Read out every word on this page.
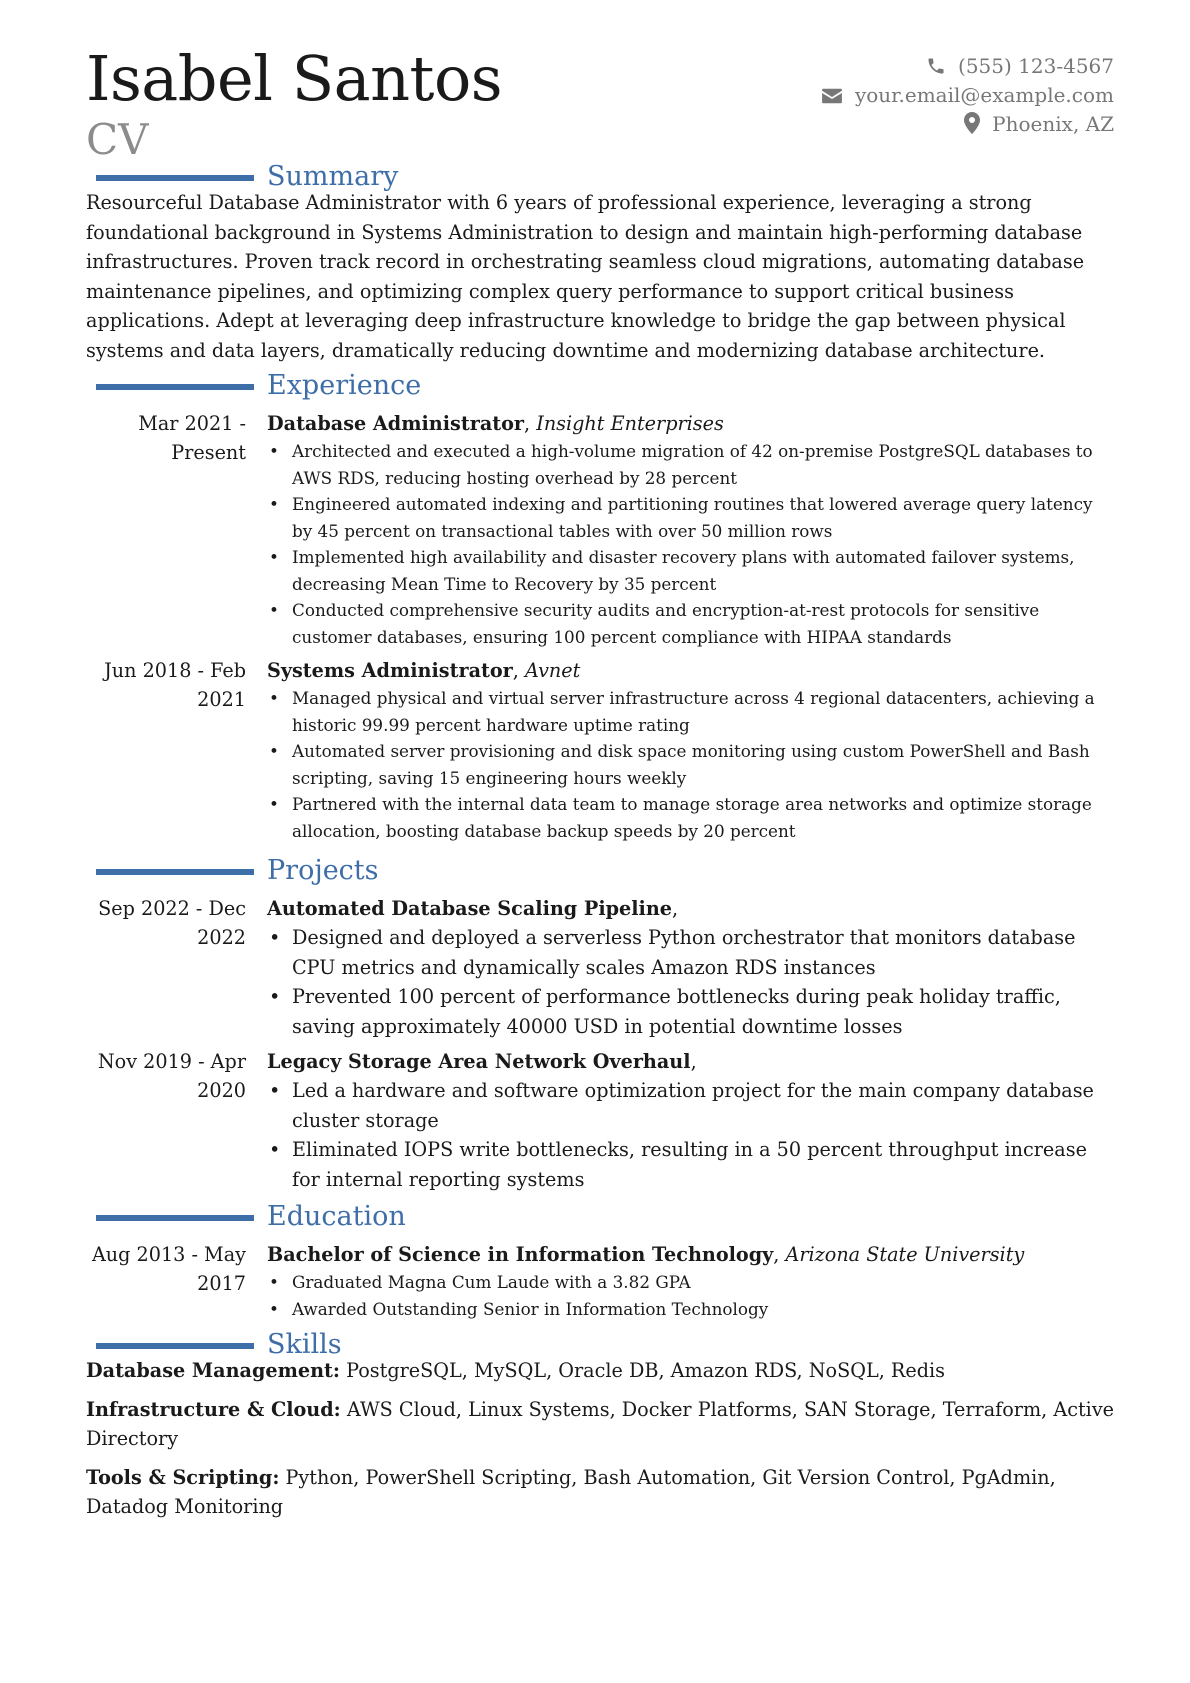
Isabel Santos
CV
(555) 123-4567
your.email@example.com
Phoenix, AZ
Summary

Resourceful Database Administrator with 6 years of professional experience, leveraging a strong foundational background in Systems Administration to design and maintain high-performing database infrastructures. Proven track record in orchestrating seamless cloud migrations, automating database maintenance pipelines, and optimizing complex query performance to support critical business applications. Adept at leveraging deep infrastructure knowledge to bridge the gap between physical systems and data layers, dramatically reducing downtime and modernizing database architecture.

Experience
Mar 2021 - Present
Database Administrator, Insight Enterprises
• Architected and executed a high-volume migration of 42 on-premise PostgreSQL databases to AWS RDS, reducing hosting overhead by 28 percent
• Engineered automated indexing and partitioning routines that lowered average query latency by 45 percent on transactional tables with over 50 million rows
• Implemented high availability and disaster recovery plans with automated failover systems, decreasing Mean Time to Recovery by 35 percent
• Conducted comprehensive security audits and encryption-at-rest protocols for sensitive customer databases, ensuring 100 percent compliance with HIPAA standards
Jun 2018 - Feb 2021
Systems Administrator, Avnet
• Managed physical and virtual server infrastructure across 4 regional datacenters, achieving a historic 99.99 percent hardware uptime rating
• Automated server provisioning and disk space monitoring using custom PowerShell and Bash scripting, saving 15 engineering hours weekly
• Partnered with the internal data team to manage storage area networks and optimize storage allocation, boosting database backup speeds by 20 percent
Projects
Sep 2022 - Dec 2022
Automated Database Scaling Pipeline,
• Designed and deployed a serverless Python orchestrator that monitors database CPU metrics and dynamically scales Amazon RDS instances
• Prevented 100 percent of performance bottlenecks during peak holiday traffic, saving approximately 40000 USD in potential downtime losses
Nov 2019 - Apr 2020
Legacy Storage Area Network Overhaul,
• Led a hardware and software optimization project for the main company database cluster storage
• Eliminated IOPS write bottlenecks, resulting in a 50 percent throughput increase for internal reporting systems
Education
Aug 2013 - May 2017
Bachelor of Science in Information Technology, Arizona State University
• Graduated Magna Cum Laude with a 3.82 GPA
• Awarded Outstanding Senior in Information Technology
Skills
Database Management: PostgreSQL, MySQL, Oracle DB, Amazon RDS, NoSQL, Redis
Infrastructure & Cloud: AWS Cloud, Linux Systems, Docker Platforms, SAN Storage, Terraform, Active Directory
Tools & Scripting: Python, PowerShell Scripting, Bash Automation, Git Version Control, PgAdmin, Datadog Monitoring
